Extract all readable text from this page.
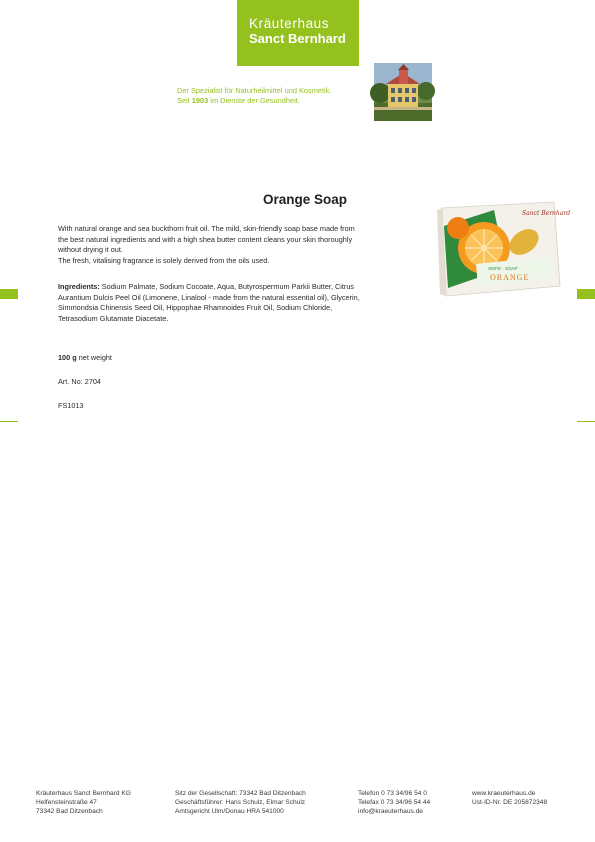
Kräuterhaus
Sanct Bernhard
Der Spezialist für Naturheilmittel und Kosmetik.
Seit 1903 im Dienste der Gesundheit.
Orange Soap
With natural orange and sea buckthorn fruit oil. The mild, skin-friendly soap base made from
the best natural ingredients and with a high shea butter content cleans your skin thoroughly
without drying it out.
The fresh, vitalising fragrance is solely derived from the oils used.
Ingredients: Sodium Palmate, Sodium Cocoate, Aqua, Butyrospermum Parkii Butter, Citrus
Aurantium Dulcis Peel Oil (Limonene, Linalool - made from the natural essential oil), Glycerin,
Simmondsia Chinensis Seed Oil, Hippophae Rhamnoides Fruit Oil, Sodium Chloride,
Tetrasodium Glutamate Diacetate.
100 g net weight
Art. No: 2704
FS1013
Sanct Bernhard
SEIFE · SOAP
ORANGE
Kräuterhaus Sanct Bernhard KG
Helfensteinstraße 47
73342 Bad Ditzenbach
Sitz der Gesellschaft: 73342 Bad Ditzenbach
Geschäftsführer: Hans Schulz, Elmar Schulz
Amtsgericht Ulm/Donau HRA 541000
Telefon 0 73 34/96 54 0
Telefax 0 73 34/96 54 44
info@kraeuterhaus.de
www.kraeuterhaus.de
Ust-ID-Nr. DE 205872348
